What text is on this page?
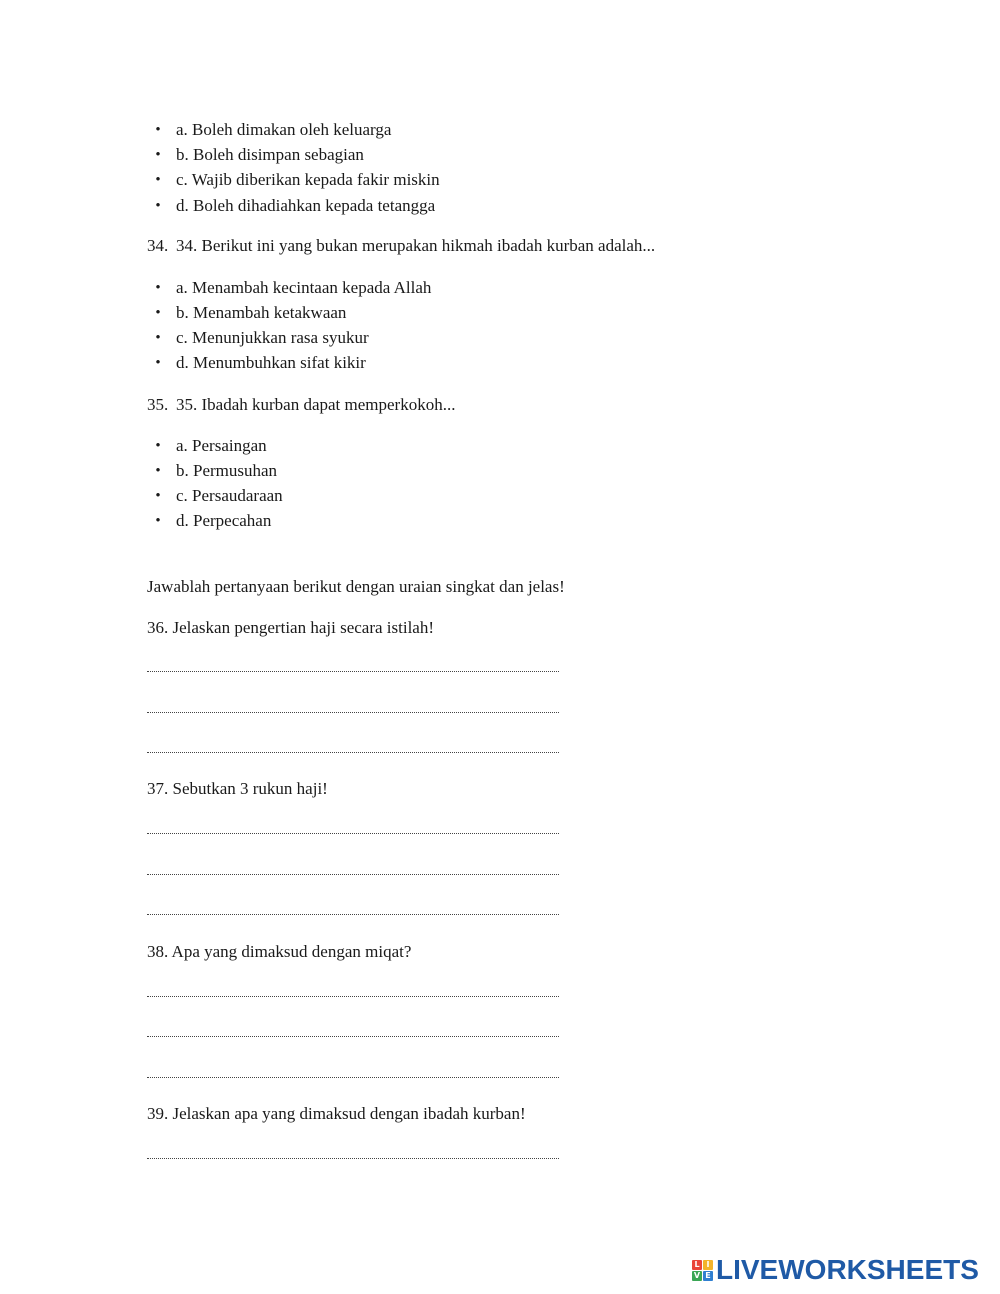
• a. Boleh dimakan oleh keluarga
• b. Boleh disimpan sebagian
• c. Wajib diberikan kepada fakir miskin
• d. Boleh dihadiahkan kepada tetangga
34. 34. Berikut ini yang bukan merupakan hikmah ibadah kurban adalah...
• a. Menambah kecintaan kepada Allah
• b. Menambah ketakwaan
• c. Menunjukkan rasa syukur
• d. Menumbuhkan sifat kikir
35. 35. Ibadah kurban dapat memperkokoh...
• a. Persaingan
• b. Permusuhan
• c. Persaudaraan
• d. Perpecahan
Jawablah pertanyaan berikut dengan uraian singkat dan jelas!
36. Jelaskan pengertian haji secara istilah!
37. Sebutkan 3 rukun haji!
38. Apa yang dimaksud dengan miqat?
39. Jelaskan apa yang dimaksud dengan ibadah kurban!
L I
V E LIVEWORKSHEETS
